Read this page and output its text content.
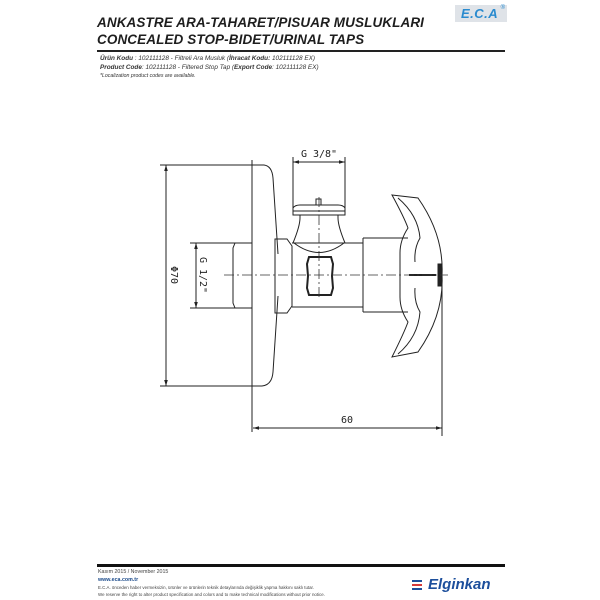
ANKASTRE ARA-TAHARET/PISUAR MUSLUKLARI
CONCEALED STOP-BIDET/URINAL TAPS
E.C.A ®
Ürün Kodu : 102111128 - Filtreli Ara Musluk (İhracat Kodu: 102111128 EX)
Product Code: 102111128 - Filtered Stop Tap (Export Code: 102111128 EX)
*Localization product codes are available.
G 3/8"
60
Φ70 G 1/2"
Kasım 2015 / November 2015
www.eca.com.tr
E.C.A. önceden haber vermeksizin, ürünler ve ürünlerin teknik detaylarında değişiklik yapma hakkını saklı tutar.
We reserve the right to alter product specification and colors and to make technical modifications without prior notice.
Elginkan
